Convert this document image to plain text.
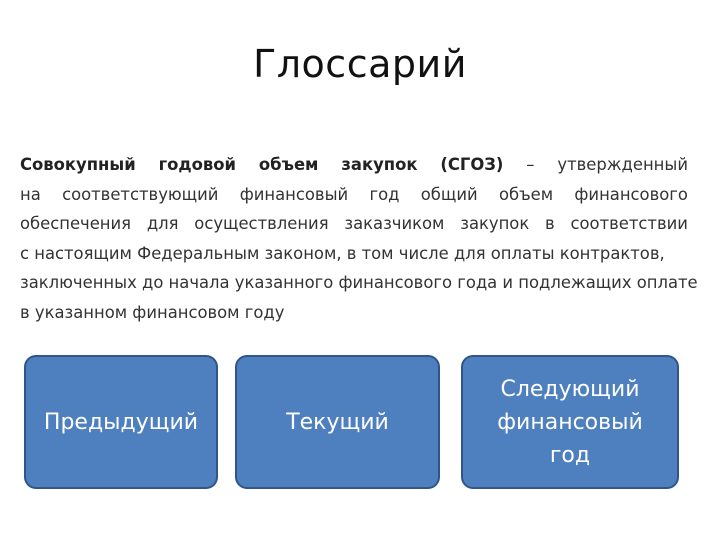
Глоссарий
Совокупный годовой объем закупок (СГОЗ) – утвержденный
на соответствующий финансовый год общий объем финансового
обеспечения для осуществления заказчиком закупок в соответствии
с настоящим Федеральным законом, в том числе для оплаты контрактов,
заключенных до начала указанного финансового года и подлежащих оплате
в указанном финансовом году
Предыдущий	Текущий
Следующий
финансовый
год
